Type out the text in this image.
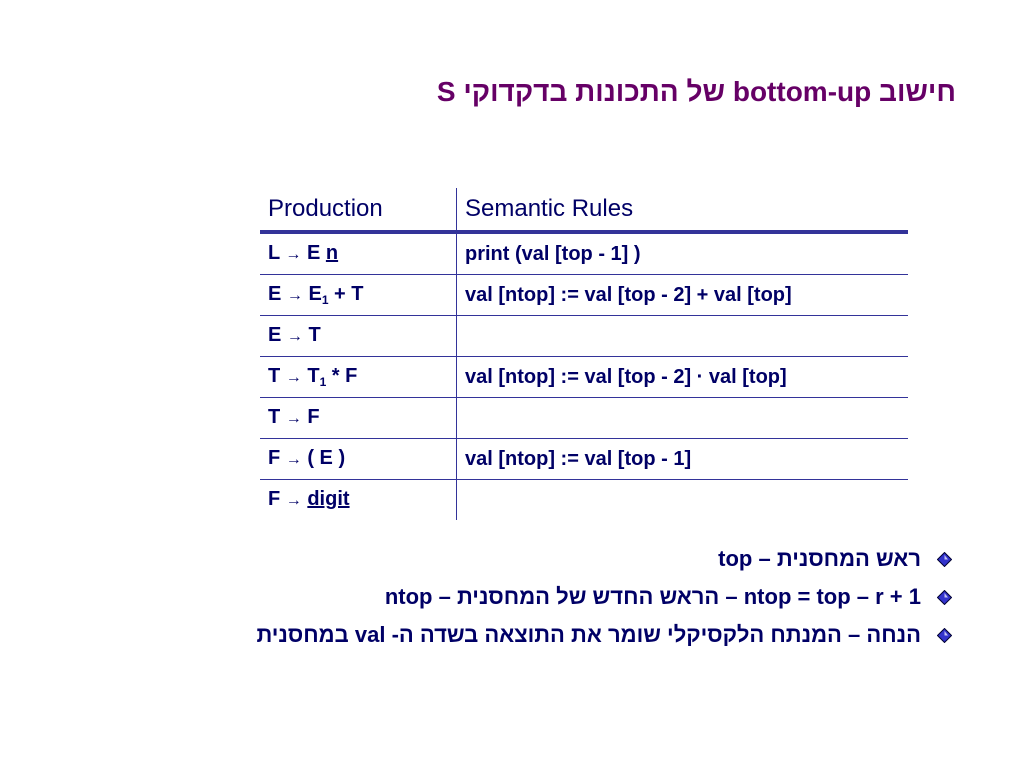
חישוב bottom-up של התכונות בדקדוקי S
Production	Semantic Rules
L → E n	print (val [top - 1] )
$E \to E_1 + T$	val [ntop] := val [top - 2] + val [top]
E → T	
$T \to T_1 * F$	val [ntop] := val [top - 2] · val [top]
T → F	
F → ( E )	val [ntop] := val [top - 1]
F → digit	
top – ראש המחסנית
ntop – הראש החדש של המחסנית – ntop = top – r + 1
הנחה – המנתח הלקסיקלי שומר את התוצאה בשדה ה- val במחסנית
